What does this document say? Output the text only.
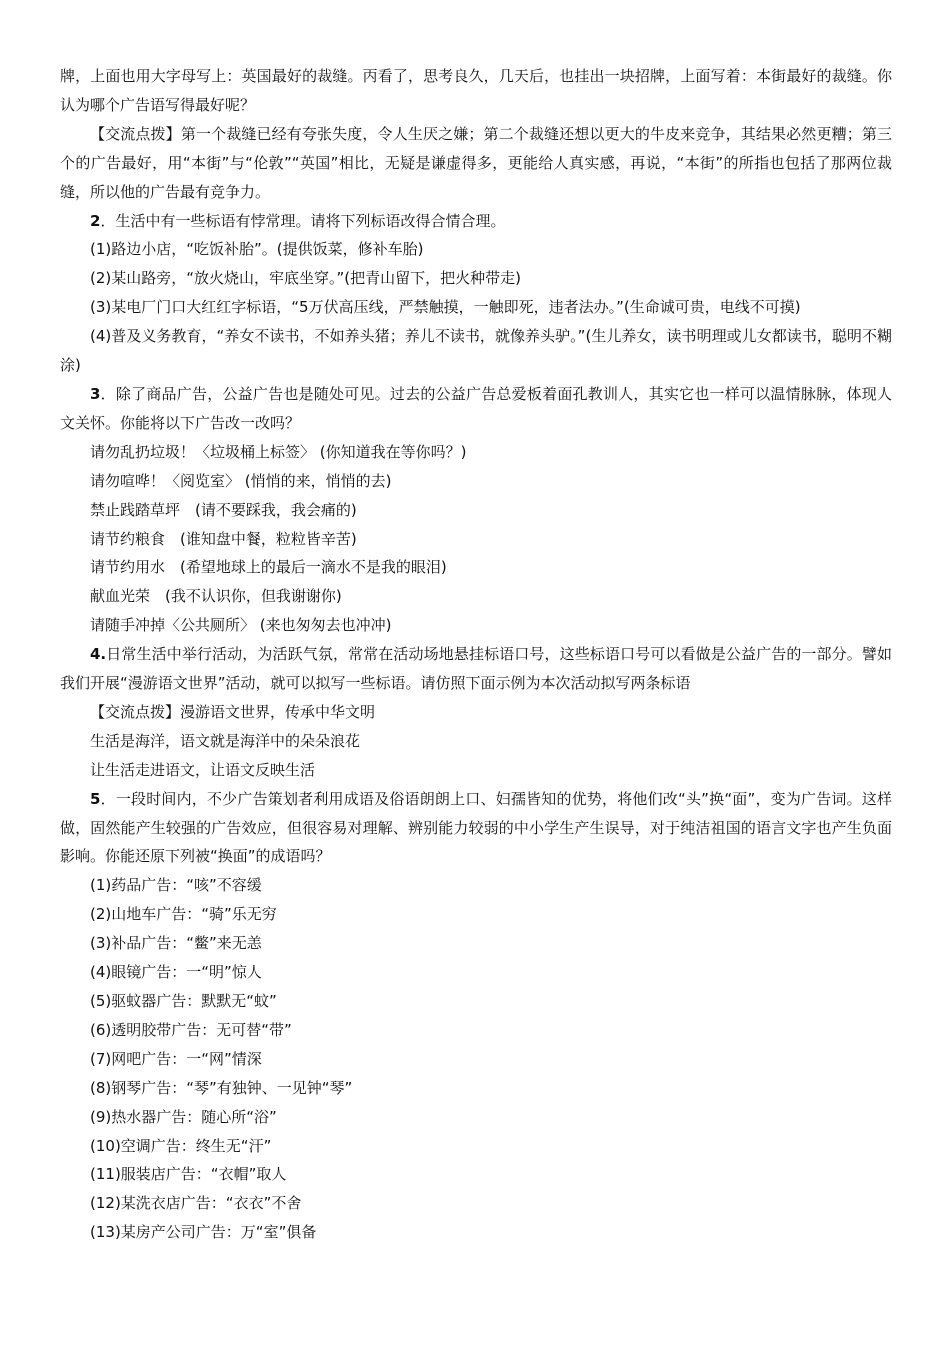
牌，上面也用大字母写上：英国最好的裁缝。丙看了，思考良久，几天后，也挂出一块招牌，上面写着：本街最好的裁缝。你认为哪个广告语写得最好呢？

【交流点拨】第一个裁缝已经有夸张失度，令人生厌之嫌；第二个裁缝还想以更大的牛皮来竞争，其结果必然更糟；第三个的广告最好，用“本街”与“伦敦”“英国”相比，无疑是谦虚得多，更能给人真实感，再说，“本街”的所指也包括了那两位裁缝，所以他的广告最有竞争力。

2．生活中有一些标语有悖常理。请将下列标语改得合情合理。

(1)路边小店，“吃饭补胎”。(提供饭菜，修补车胎)

(2)某山路旁，“放火烧山，牢底坐穿。”(把青山留下，把火种带走)

(3)某电厂门口大红红字标语，“5万伏高压线，严禁触摸，一触即死，违者法办。”(生命诚可贵，电线不可摸)

(4)普及义务教育，“养女不读书，不如养头猪；养儿不读书，就像养头驴。”(生儿养女，读书明理或儿女都读书，聪明不糊涂)

3．除了商品广告，公益广告也是随处可见。过去的公益广告总爱板着面孔教训人，其实它也一样可以温情脉脉，体现人文关怀。你能将以下广告改一改吗？

请勿乱扔垃圾！〈垃圾桶上标签〉 (你知道我在等你吗？)

请勿喧哗！〈阅览室〉 (悄悄的来，悄悄的去)

禁止践踏草坪　(请不要踩我，我会痛的)

请节约粮食　(谁知盘中餐，粒粒皆辛苦)

请节约用水　(希望地球上的最后一滴水不是我的眼泪)

献血光荣　(我不认识你，但我谢谢你)

请随手冲掉〈公共厕所〉 (来也匆匆去也冲冲)

4.日常生活中举行活动，为活跃气氛，常常在活动场地悬挂标语口号，这些标语口号可以看做是公益广告的一部分。譬如我们开展“漫游语文世界”活动，就可以拟写一些标语。请仿照下面示例为本次活动拟写两条标语

【交流点拨】漫游语文世界，传承中华文明

生活是海洋，语文就是海洋中的朵朵浪花

让生活走进语文，让语文反映生活

5．一段时间内，不少广告策划者利用成语及俗语朗朗上口、妇孺皆知的优势，将他们改“头”换“面”，变为广告词。这样做，固然能产生较强的广告效应，但很容易对理解、辨别能力较弱的中小学生产生误导，对于纯洁祖国的语言文字也产生负面影响。你能还原下列被“换面”的成语吗？

(1)药品广告：“咳”不容缓

(2)山地车广告：“骑”乐无穷

(3)补品广告：“鳖”来无恙

(4)眼镜广告：一“明”惊人

(5)驱蚊器广告：默默无“蚊”

(6)透明胶带广告：无可替“带”

(7)网吧广告：一“网”情深

(8)钢琴广告：“琴”有独钟、一见钟“琴”

(9)热水器广告：随心所“浴”

(10)空调广告：终生无“汗”

(11)服装店广告：“衣帽”取人

(12)某洗衣店广告：“衣衣”不舍

(13)某房产公司广告：万“室”俱备
